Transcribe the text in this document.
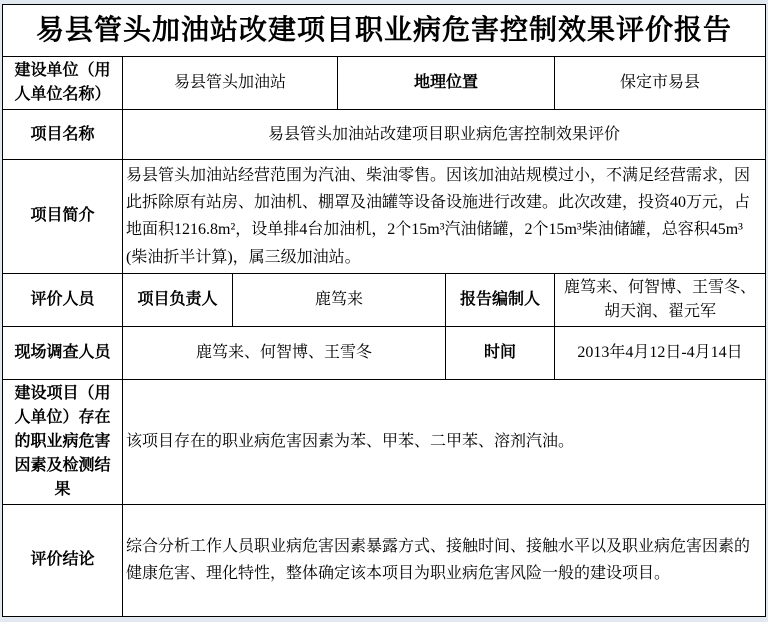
易县管头加油站改建项目职业病危害控制效果评价报告					
建设单位（用人单位名称）	易县管头加油站		地理位置		保定市易县
项目名称	易县管头加油站改建项目职业病危害控制效果评价				
项目简介	易县管头加油站经营范围为汽油、柴油零售。因该加油站规模过小，不满足经营需求，因此拆除原有站房、加油机、棚罩及油罐等设备设施进行改建。此次改建，投资40万元，占地面积1216.8m²，设单排4台加油机，2个15m³汽油储罐，2个15m³柴油储罐，总容积45m³(柴油折半计算)，属三级加油站。				
评价人员	项目负责人	鹿笃来		报告编制人	鹿笃来、何智博、王雪冬、胡天润、翟元军
现场调查人员	鹿笃来、何智博、王雪冬			时间	2013年4月12日-4月14日
建设项目（用人单位）存在的职业病危害因素及检测结果	该项目存在的职业病危害因素为苯、甲苯、二甲苯、溶剂汽油。				
评价结论	综合分析工作人员职业病危害因素暴露方式、接触时间、接触水平以及职业病危害因素的健康危害、理化特性，整体确定该本项目为职业病危害风险一般的建设项目。				
